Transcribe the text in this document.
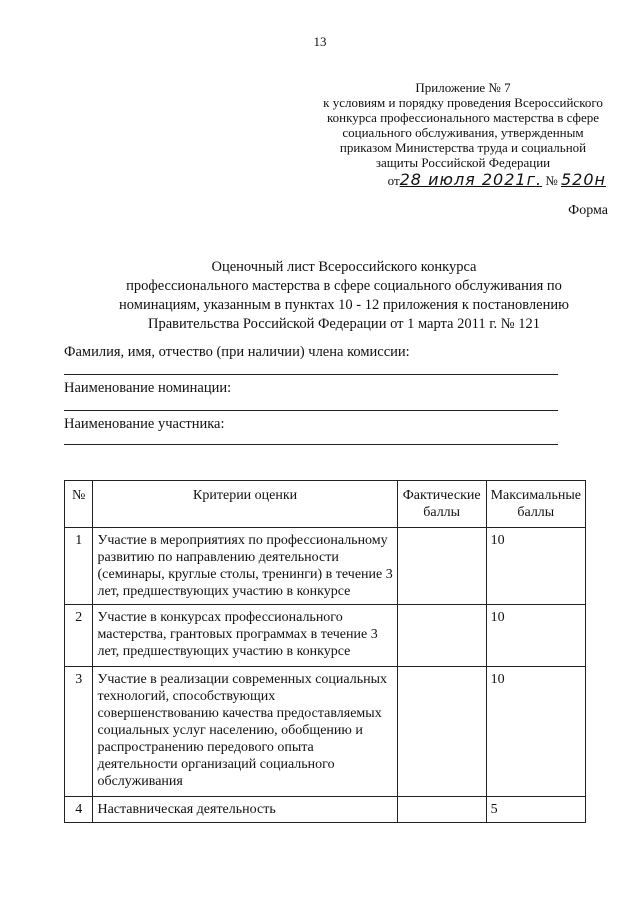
13
Приложение № 7
к условиям и порядку проведения Всероссийского
конкурса профессионального мастерства в сфере
социального обслуживания, утвержденным
приказом Министерства труда и социальной
защиты Российской Федерации
от28 июля 2021г. № 520н
Форма
Оценочный лист Всероссийского конкурса
профессионального мастерства в сфере социального обслуживания по
номинациям, указанным в пунктах 10 - 12 приложения к постановлению
Правительства Российской Федерации от 1 марта 2011 г. № 121
Фамилия, имя, отчество (при наличии) члена комиссии:
Наименование номинации:
Наименование участника:
№	Критерии оценки	Фактические баллы	Максимальные баллы
1	Участие в мероприятиях по профессиональному развитию по направлению деятельности (семинары, круглые столы, тренинги) в течение 3 лет, предшествующих участию в конкурсе		10
2	Участие в конкурсах профессионального мастерства, грантовых программах в течение 3 лет, предшествующих участию в конкурсе		10
3	Участие в реализации современных социальных технологий, способствующих совершенствованию качества предоставляемых социальных услуг населению, обобщению и распространению передового опыта деятельности организаций социального обслуживания		10
4	Наставническая деятельность		5
